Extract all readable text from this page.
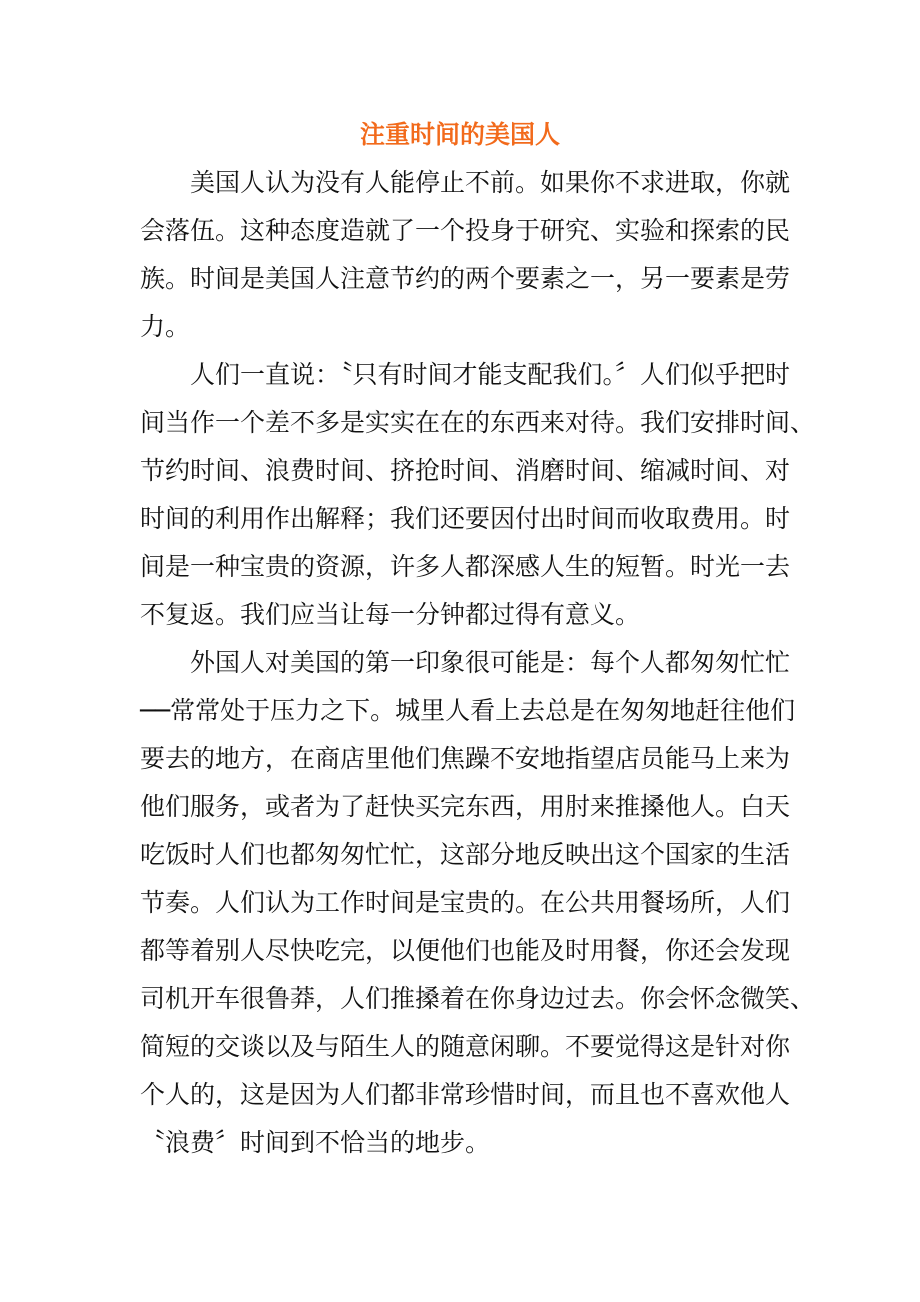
注重时间的美国人
美国人认为没有人能停止不前。如果你不求进取，你就
会落伍。这种态度造就了一个投身于研究、实验和探索的民
族。时间是美国人注意节约的两个要素之一，另一要素是劳
力。
人们一直说：〝只有时间才能支配我们。〞人们似乎把时
间当作一个差不多是实实在在的东西来对待。我们安排时间、
节约时间、浪费时间、挤抢时间、消磨时间、缩减时间、对
时间的利用作出解释；我们还要因付出时间而收取费用。时
间是一种宝贵的资源，许多人都深感人生的短暂。时光一去
不复返。我们应当让每一分钟都过得有意义。
外国人对美国的第一印象很可能是：每个人都匆匆忙忙
──常常处于压力之下。城里人看上去总是在匆匆地赶往他们
要去的地方，在商店里他们焦躁不安地指望店员能马上来为
他们服务，或者为了赶快买完东西，用肘来推搡他人。白天
吃饭时人们也都匆匆忙忙，这部分地反映出这个国家的生活
节奏。人们认为工作时间是宝贵的。在公共用餐场所，人们
都等着别人尽快吃完，以便他们也能及时用餐，你还会发现
司机开车很鲁莽，人们推搡着在你身边过去。你会怀念微笑、
简短的交谈以及与陌生人的随意闲聊。不要觉得这是针对你
个人的，这是因为人们都非常珍惜时间，而且也不喜欢他人
〝浪费〞时间到不恰当的地步。
